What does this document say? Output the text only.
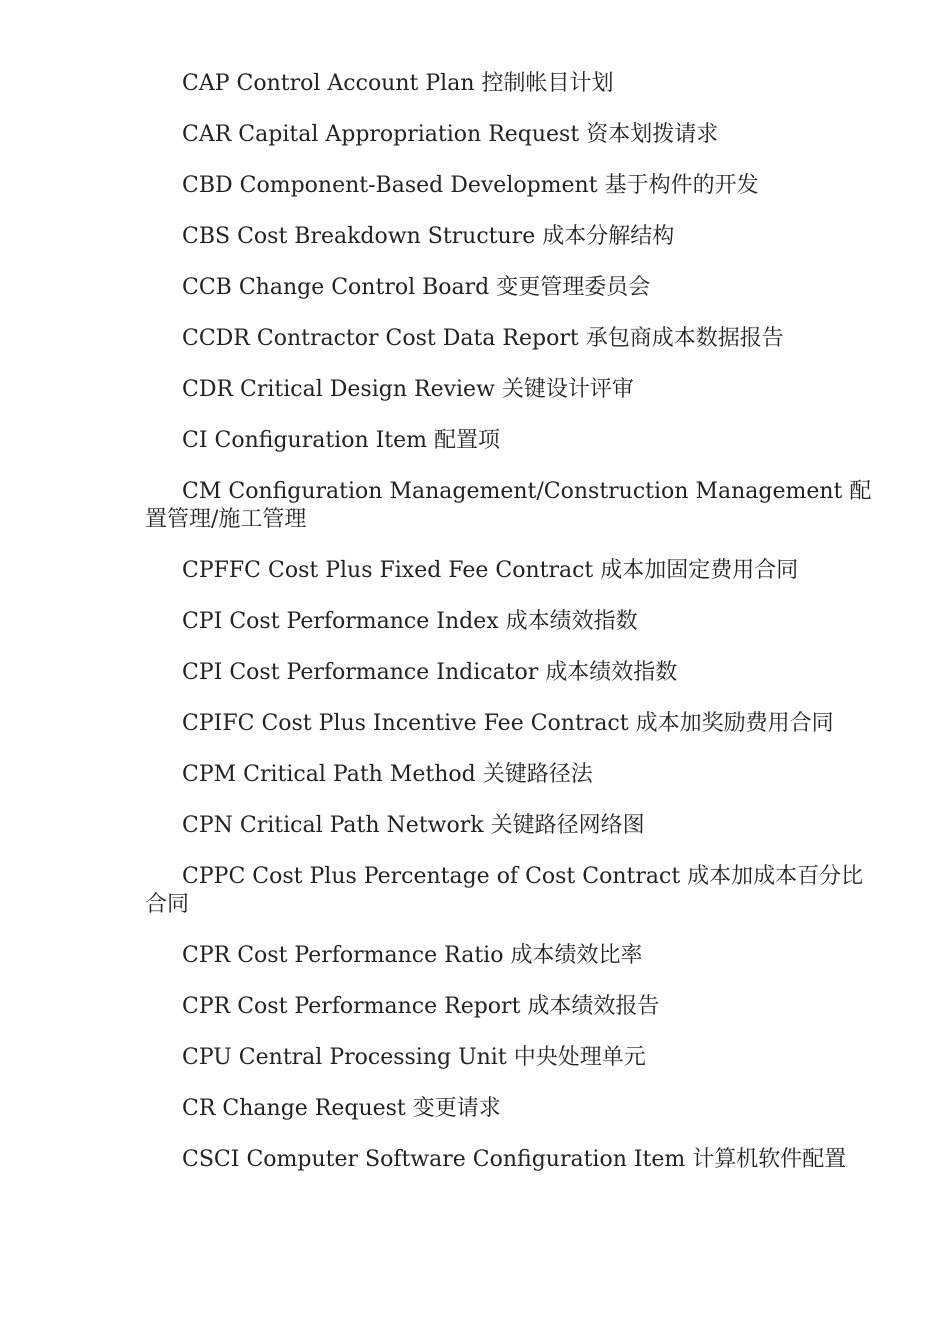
CAP Control Account Plan 控制帐目计划

CAR Capital Appropriation Request 资本划拨请求

CBD Component-Based Development 基于构件的开发

CBS Cost Breakdown Structure 成本分解结构

CCB Change Control Board 变更管理委员会

CCDR Contractor Cost Data Report 承包商成本数据报告

CDR Critical Design Review 关键设计评审

CI Configuration Item 配置项

CM Configuration Management/Construction Management 配置管理/施工管理

CPFFC Cost Plus Fixed Fee Contract 成本加固定费用合同

CPI Cost Performance Index 成本绩效指数

CPI Cost Performance Indicator 成本绩效指数

CPIFC Cost Plus Incentive Fee Contract 成本加奖励费用合同

CPM Critical Path Method 关键路径法

CPN Critical Path Network 关键路径网络图

CPPC Cost Plus Percentage of Cost Contract 成本加成本百分比合同

CPR Cost Performance Ratio 成本绩效比率

CPR Cost Performance Report 成本绩效报告

CPU Central Processing Unit 中央处理单元

CR Change Request 变更请求

CSCI Computer Software Configuration Item 计算机软件配置
